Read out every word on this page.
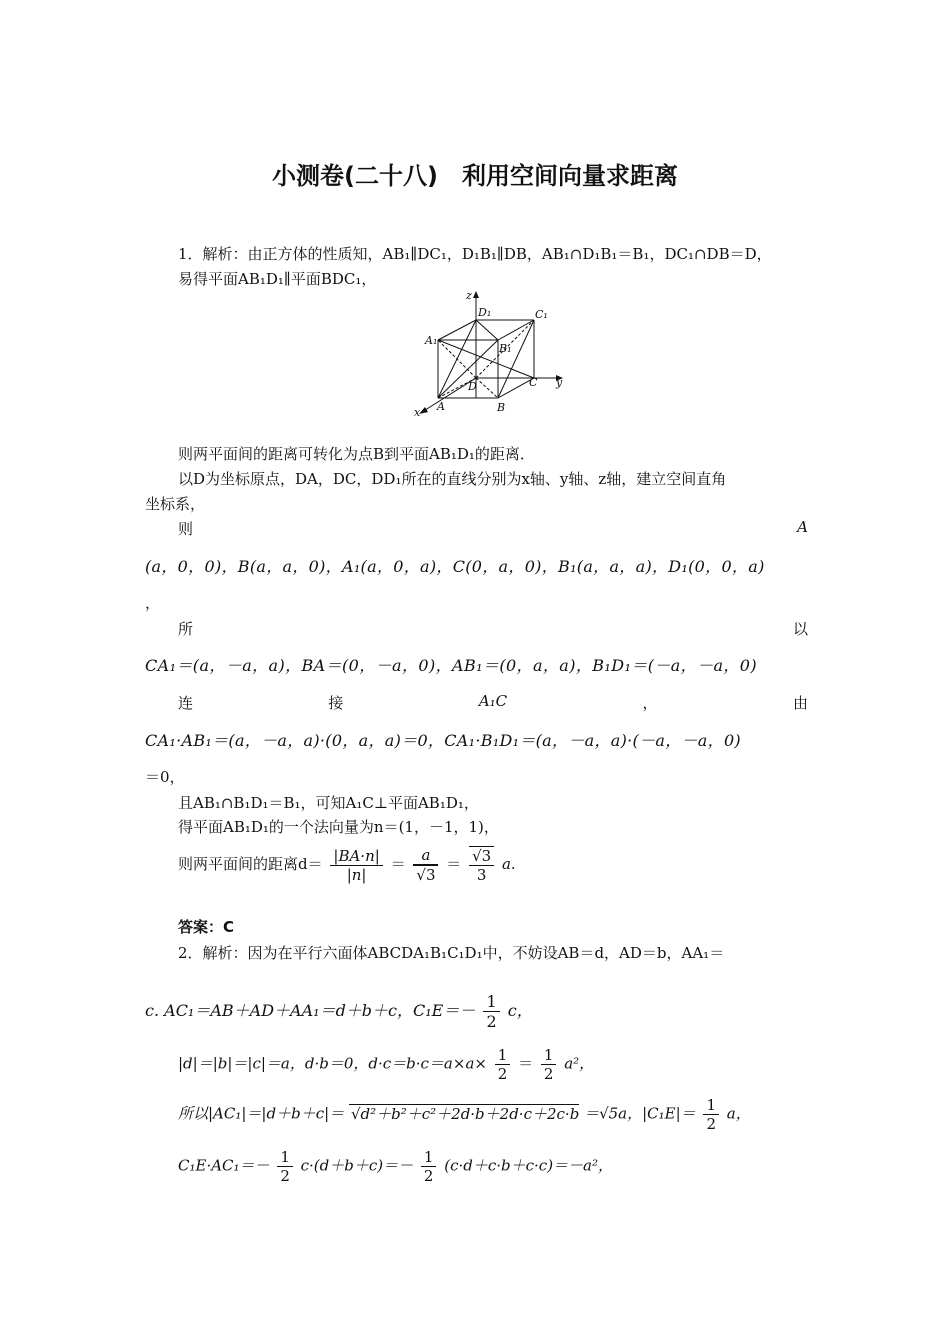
小测卷(二十八)　利用空间向量求距离
1．解析：由正方体的性质知，AB₁∥DC₁，D₁B₁∥DB，AB₁∩D₁B₁＝B₁，DC₁∩DB＝D，
易得平面AB₁D₁∥平面BDC₁，
z
D₁	C₁
A₁
B₁
D	C y
A	B
x
则两平面间的距离可转化为点B到平面AB₁D₁的距离．
以D为坐标原点，DA，DC，DD₁所在的直线分别为x轴、y轴、z轴，建立空间直角
坐标系，
则	A
(a，0，0)，B(a，a，0)，A₁(a，0，a)，C(0，a，0)，B₁(a，a，a)，D₁(0，0，a)
，
所	以
CA₁＝(a，－a，a)，BA＝(0，－a，0)，AB₁＝(0，a，a)，B₁D₁＝(－a，－a，0)
连	接	A₁C	，	由
CA₁·AB₁＝(a，－a，a)·(0，a，a)＝0，CA₁·B₁D₁＝(a，－a，a)·(－a，－a，0)
＝0，
且AB₁∩B₁D₁＝B₁，可知A₁C⊥平面AB₁D₁，
得平面AB₁D₁的一个法向量为n＝(1，－1，1)，
则两平面间的距离$d= \frac{|BA\cdot n|}{|n|} = a$
√ 3 ＝ √ $\frac{3}{3} a$.
答案：C
2．解析：因为在平行六面体ABCDA₁B₁C₁D₁中，不妨设AB＝d，AD＝b，AA₁＝
c. AC₁＝AB＋AD＋AA₁＝d＋b＋c，$C_1E=- \frac{1}{2}$ c，
|d|＝|b|＝|c|＝a，d·b＝0，$d\cdot c=b\cdot c=a\times a\times \frac{1}{2} = \frac{1}{2} a^2$，
所以|AC₁|＝|d＋b＋c|＝ √ d²＋b²＋c²＋2d·b＋2d·c＋2c·b ＝√5a，$|C_1E|= \frac{1}{2}$ a，
$C_1E\cdot AC_1=- \frac{1}{2} c\cdot(d+b+c)=- \frac{1}{2} (c\cdot d+c\cdot b+c\cdot c)=-a^2$，
